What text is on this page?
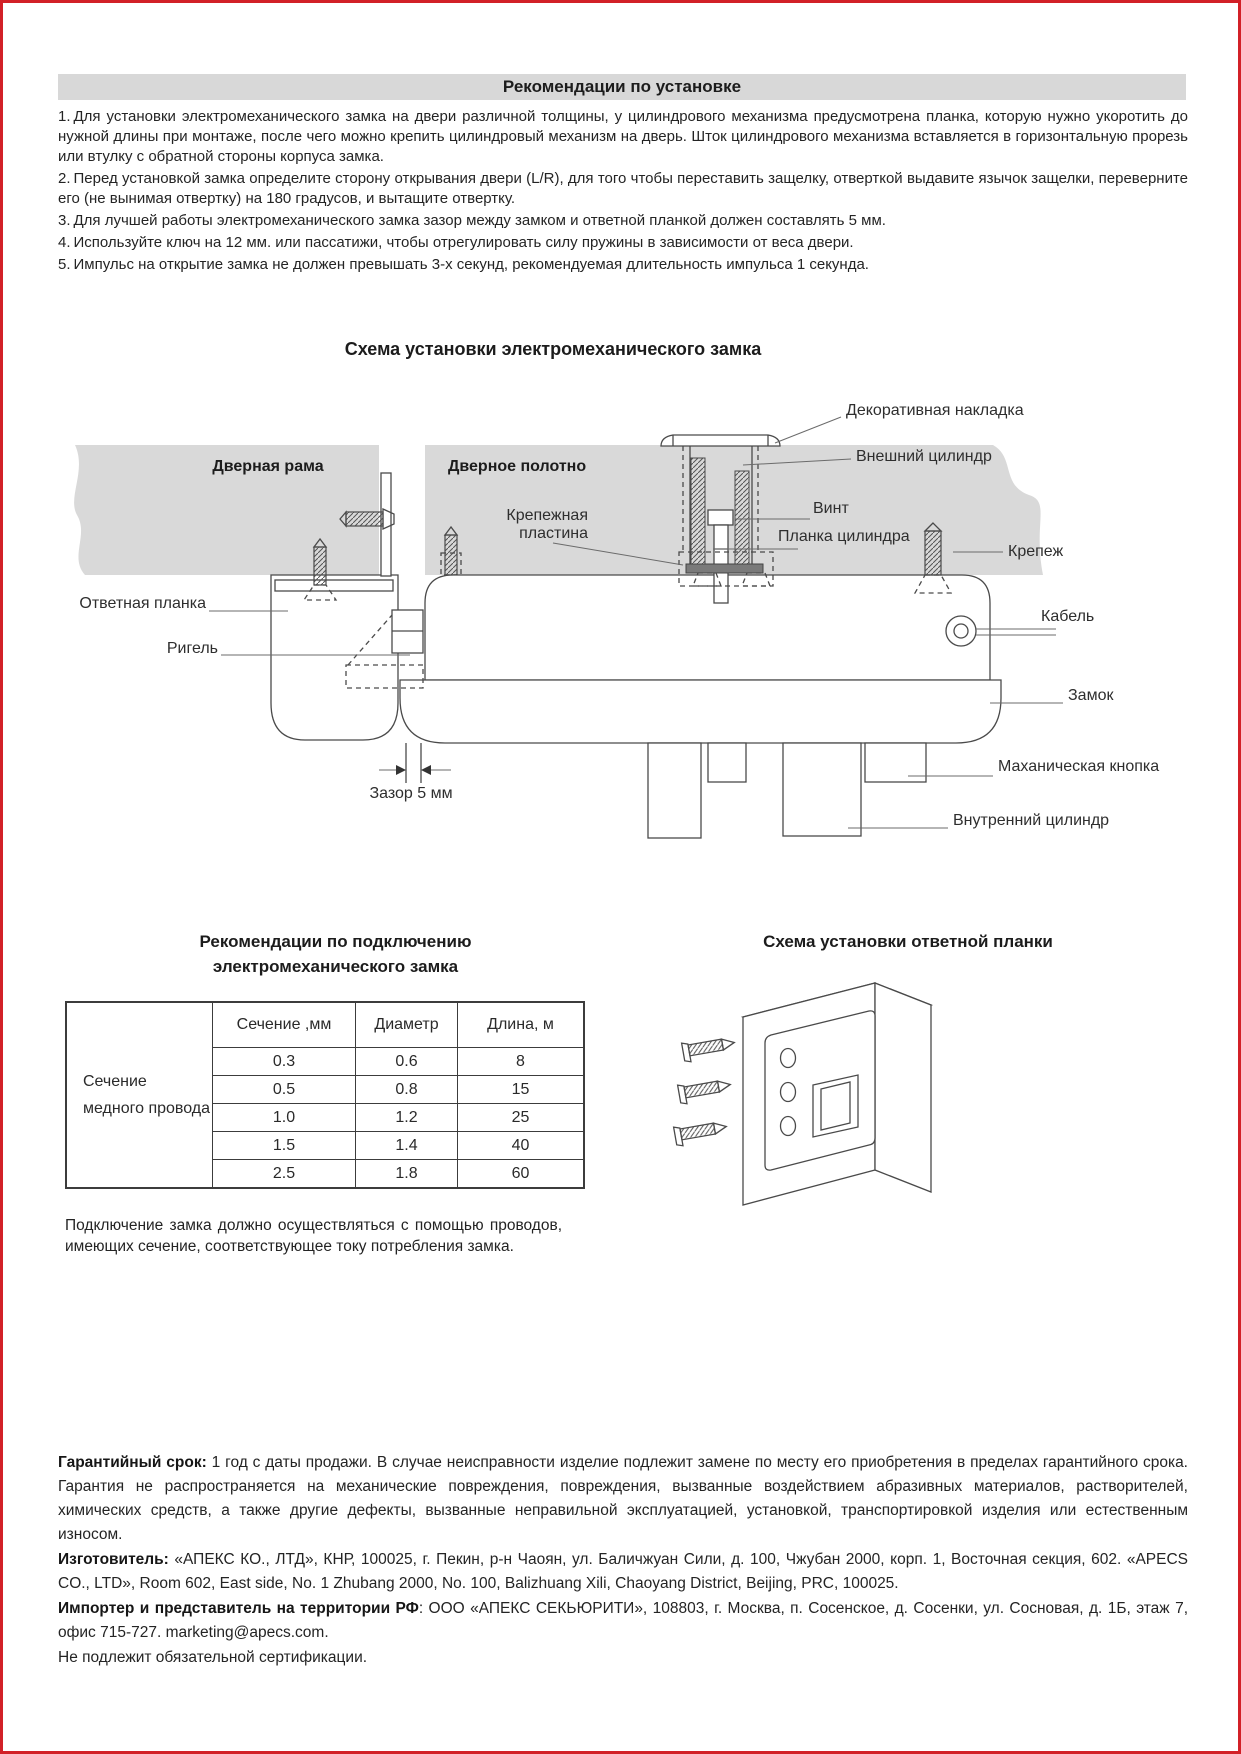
Рекомендации по установке

1. Для установки электромеханического замка на двери различной толщины, у цилиндрового механизма предусмотрена планка, которую нужно укоротить до нужной длины при монтаже, после чего можно крепить цилиндровый механизм на дверь. Шток цилиндрового механизма вставляется в горизонтальную прорезь или втулку с обратной стороны корпуса замка.

2. Перед установкой замка определите сторону открывания двери (L/R), для того чтобы переставить защелку, отверткой выдавите язычок защелки, переверните его (не вынимая отвертку) на 180 градусов, и вытащите отвертку.

3. Для лучшей работы электромеханического замка зазор между замком и ответной планкой должен составлять 5 мм.

4. Используйте ключ на 12 мм. или пассатижи, чтобы отрегулировать силу пружины в зависимости от веса двери.

5. Импульс на открытие замка не должен превышать 3-х секунд, рекомендуемая длительность импульса 1 секунда.

Схема установки электромеханического замка
Дверная рама	Дверное полотно
Зазор 5 мм
Декоративная накладка
Внешний цилиндр
Винт
Крепежная
пластина	Планка цилиндра
Крепеж
Ответная планка
Ригель
Кабель
Замок
Маханическая кнопка
Внутренний цилиндр
Рекомендации по подключению
электромеханического замка
Схема установки ответной планки
Сечение медного провода	Сечение ,мм	Диаметр	Длина, м
	0.3	0.6	8
	0.5	0.8	15
	1.0	1.2	25
	1.5	1.4	40
	2.5	1.8	60

Подключение замка должно осуществляться с помощью проводов, имеющих сечение, соответствующее току потребления замка.

Гарантийный срок: 1 год с даты продажи. В случае неисправности изделие подлежит замене по месту его приобретения в пределах гарантийного срока. Гарантия не распространяется на механические повреждения, повреждения, вызванные воздействием абразивных материалов, растворителей, химических средств, а также другие дефекты, вызванные неправильной эксплуатацией, установкой, транспортировкой изделия или естественным износом.

Изготовитель: «АПЕКС КО., ЛТД», КНР, 100025, г. Пекин, р-н Чаоян, ул. Баличжуан Сили, д. 100, Чжубан 2000, корп. 1, Восточная секция, 602. «APECS CO., LTD», Room 602, East side, No. 1 Zhubang 2000, No. 100, Balizhuang Xili, Chaoyang District, Beijing, PRC, 100025.

Импортер и представитель на территории РФ: ООО «АПЕКС СЕКЬЮРИТИ», 108803, г. Москва, п. Сосенское, д. Сосенки, ул. Сосновая, д. 1Б, этаж 7, офис 715-727. marketing@apecs.com.

Не подлежит обязательной сертификации.
